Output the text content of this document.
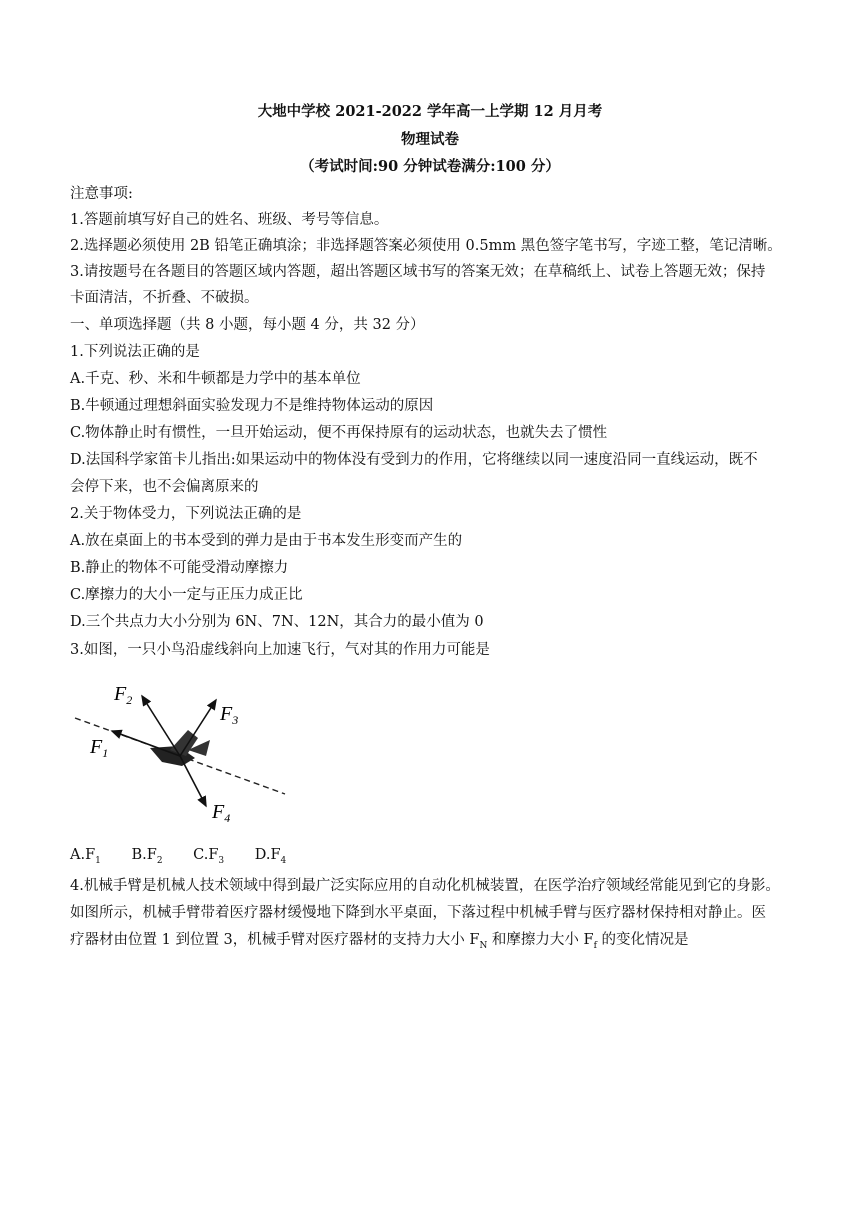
大地中学校 2021-2022 学年高一上学期 12 月月考
物理试卷
（考试时间:90 分钟试卷满分:100 分）
注意事项:
1.答题前填写好自己的姓名、班级、考号等信息。
2.选择题必须使用 2B 铅笔正确填涂；非选择题答案必须使用 0.5mm 黑色签字笔书写，字迹工整，笔记清晰。
3.请按题号在各题目的答题区域内答题，超出答题区域书写的答案无效；在草稿纸上、试卷上答题无效；保持
卡面清洁，不折叠、不破损。
一、单项选择题（共 8 小题，每小题 4 分，共 32 分）
1.下列说法正确的是
A.千克、秒、米和牛顿都是力学中的基本单位
B.牛顿通过理想斜面实验发现力不是维持物体运动的原因
C.物体静止时有惯性，一旦开始运动，便不再保持原有的运动状态，也就失去了惯性
D.法国科学家笛卡儿指出:如果运动中的物体没有受到力的作用，它将继续以同一速度沿同一直线运动，既不
会停下来，也不会偏离原来的
2.关于物体受力，下列说法正确的是
A.放在桌面上的书本受到的弹力是由于书本发生形变而产生的
B.静止的物体不可能受滑动摩擦力
C.摩擦力的大小一定与正压力成正比
D.三个共点力大小分别为 6N、7N、12N，其合力的最小值为 0
3.如图，一只小鸟沿虚线斜向上加速飞行，气对其的作用力可能是
$F_1$
$F_2$
$F_3$
$F_4$
$A.F_1$ $B.F_2$ $C.F_3$ $D.F_4$
4.机械手臂是机械人技术领域中得到最广泛实际应用的自动化机械装置，在医学治疗领域经常能见到它的身影。
如图所示，机械手臂带着医疗器材缓慢地下降到水平桌面，下落过程中机械手臂与医疗器材保持相对静止。医
疗器材由位置 1 到位置 3，机械手臂对医疗器材的支持力大小 $F_N$ 和摩擦力大小 $F_f$ 的变化情况是
